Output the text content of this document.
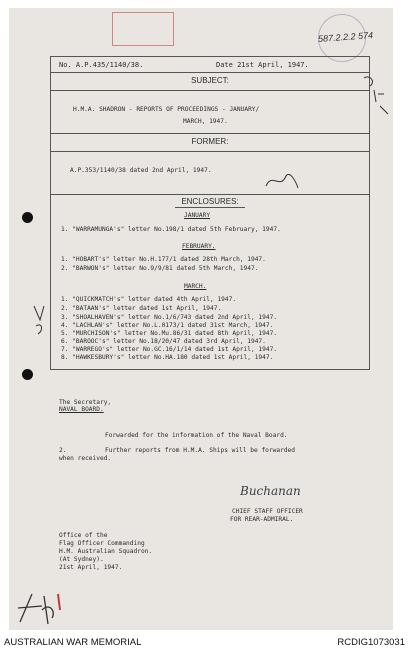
587.2.2.2 574
No. A.P.435/1140/38.	Date 21st April, 1947.
SUBJECT:
H.M.A. SHADRON - REPORTS OF PROCEEDINGS - JANUARY/
MARCH, 1947.
FORMER:
A.P.353/1140/38 dated 2nd April, 1947.
ENCLOSURES:
JANUARY
1. "WARRAMUNGA's" letter No.198/1 dated 5th February, 1947.
FEBRUARY.
1. "HOBART's" letter No.H.177/1 dated 28th March, 1947.
2. "BARWON's" letter No.9/9/81 dated 5th March, 1947.
MARCH.
1. "QUICKMATCH's" letter dated 4th April, 1947.
2. "BATAAN's" letter dated 1st April, 1947.
3. "SHOALHAVEN's" letter No.1/6/743 dated 2nd April, 1947.
4. "LACHLAN's" letter No.L.0173/1 dated 31st March, 1947.
5. "MURCHISON's" letter No.Mu.86/31 dated 8th April, 1947.
6. "BAROOC's" letter No.18/20/47 dated 3rd April, 1947.
7. "WARREGO's" letter No.GC.16/1/14 dated 1st April, 1947.
8. "HAWKESBURY's" letter No.HA.180 dated 1st April, 1947.
The Secretary,
NAVAL BOARD.
Forwarded for the information of the Naval Board.
2.	Further reports from H.M.A. Ships will be forwarded
when received.
Buchanan
CHIEF STAFF OFFICER
FOR REAR-ADMIRAL.
Office of the
Flag Officer Commanding
H.M. Australian Squadron.
(At Sydney).
21st April, 1947.
AUSTRALIAN WAR MEMORIAL	RCDIG1073031
